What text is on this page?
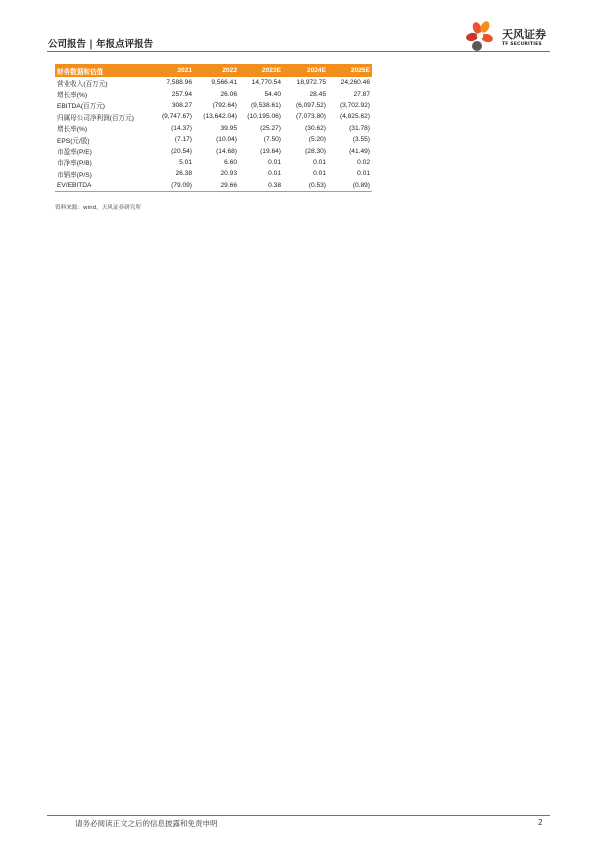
公司报告 | 年报点评报告
天风证券
TF SECURITIES
财务数据和估值	2021	2022	2023E	2024E	2025E
营业收入(百万元)	7,588.96	9,566.41	14,770.54	18,972.75	24,260.46
增长率(%)	257.94	26.06	54.40	28.45	27.87
EBITDA(百万元)	308.27	(792.64)	(9,538.61)	(6,097.52)	(3,702.92)
归属母公司净利润(百万元)	(9,747.67)	(13,642.04)	(10,195.06)	(7,073.80)	(4,825.62)
增长率(%)	(14.37)	39.95	(25.27)	(30.62)	(31.78)
EPS(元/股)	(7.17)	(10.04)	(7.50)	(5.20)	(3.55)
市盈率(P/E)	(20.54)	(14.68)	(19.64)	(28.30)	(41.49)
市净率(P/B)	5.01	6.60	0.01	0.01	0.02
市销率(P/S)	26.38	20.93	0.01	0.01	0.01
EV/EBITDA	(79.09)	29.66	0.38	(0.53)	(0.89)
资料来源：wind，天风证券研究所
请务必阅读正文之后的信息披露和免责申明	2
